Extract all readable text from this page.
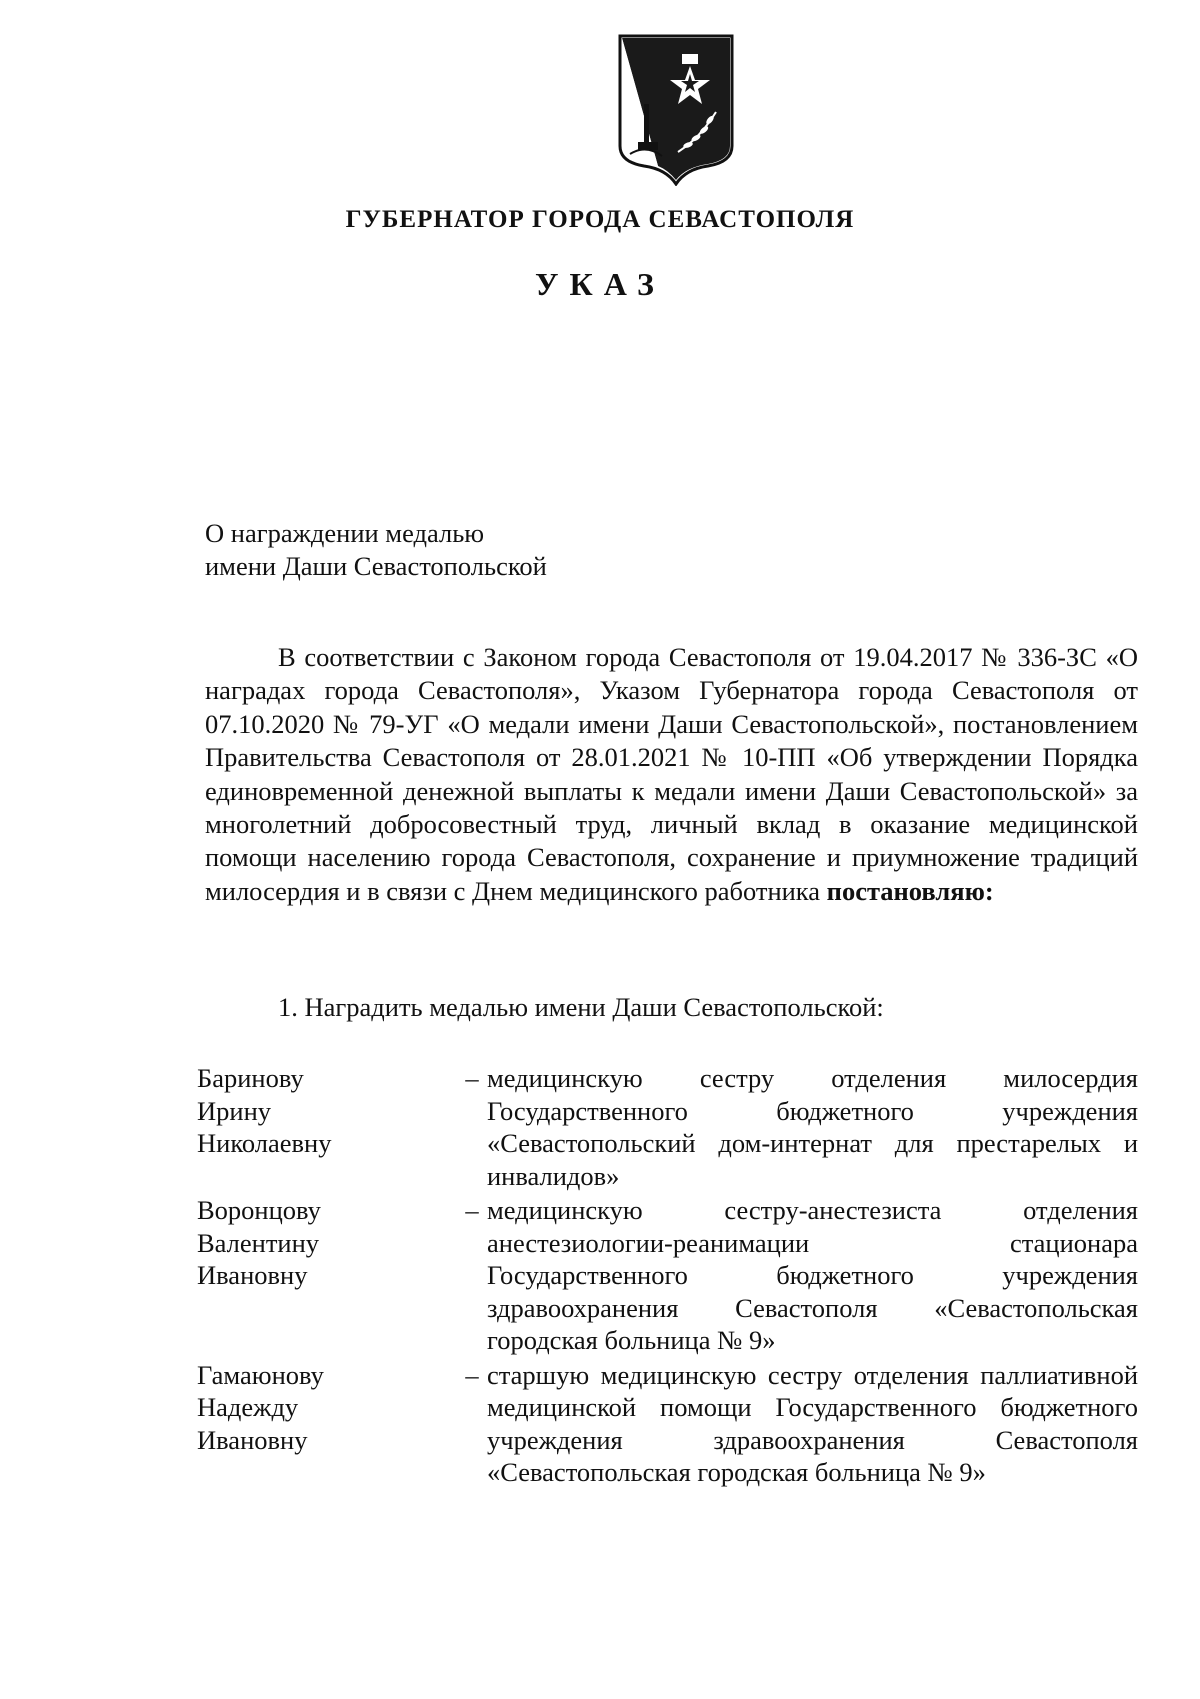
ГУБЕРНАТОР ГОРОДА СЕВАСТОПОЛЯ
УКАЗ
О награждении медалью
имени Даши Севастопольской

В соответствии с Законом города Севастополя от 19.04.2017 № 336-ЗС «О наградах города Севастополя», Указом Губернатора города Севастополя от 07.10.2020 № 79-УГ «О медали имени Даши Севастопольской», постановлением Правительства Севастополя от 28.01.2021 № 10-ПП «Об утверждении Порядка единовременной денежной выплаты к медали имени Даши Севастопольской» за многолетний добросовестный труд, личный вклад в оказание медицинской помощи населению города Севастополя, сохранение и приумножение традиций милосердия и в связи с Днем медицинского работника постановляю:

1. Наградить медалью имени Даши Севастопольской:
Баринову
Ирину
Николаевну
– медицинскую сестру отделения милосердия Государственного бюджетного учреждения «Севастопольский дом-интернат для престарелых и инвалидов»
Воронцову
Валентину
Ивановну
– медицинскую сестру-анестезиста отделения анестезиологии-реанимации стационара Государственного бюджетного учреждения здравоохранения Севастополя «Севастопольская городская больница № 9»
Гамаюнову
Надежду
Ивановну
– старшую медицинскую сестру отделения паллиативной медицинской помощи Государственного бюджетного учреждения здравоохранения Севастополя «Севастопольская городская больница № 9»
